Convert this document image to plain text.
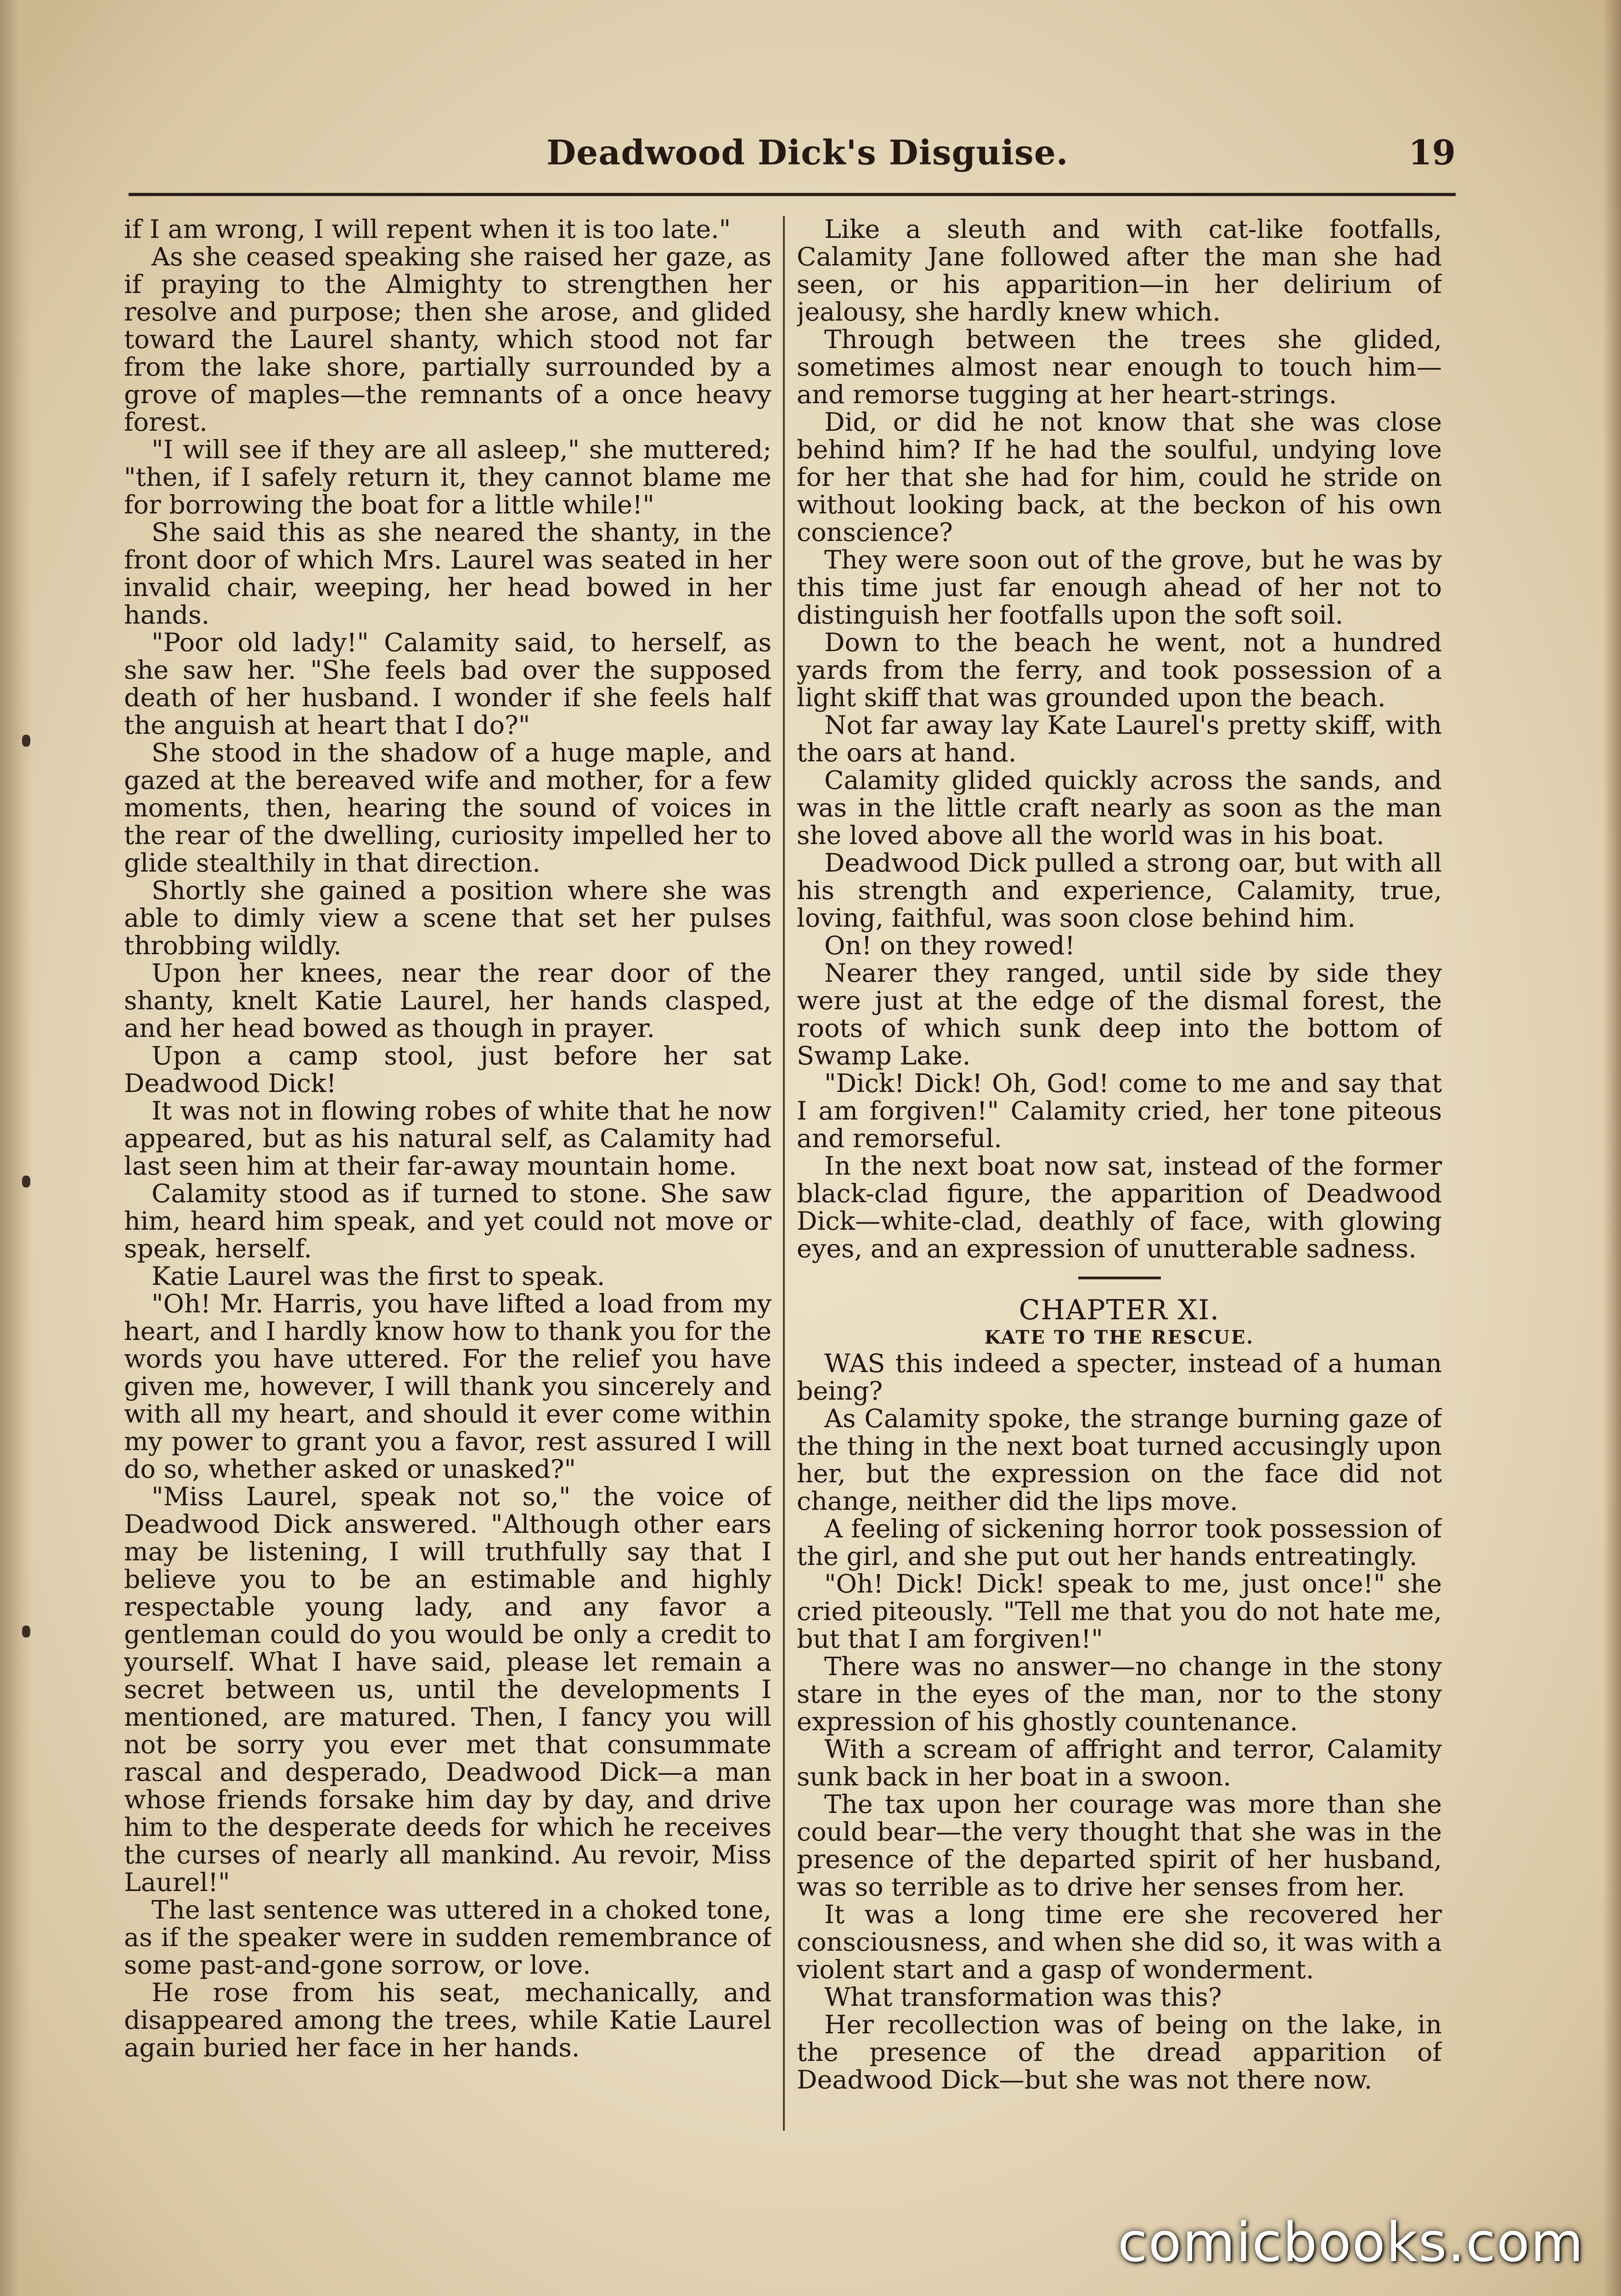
Deadwood Dick's Disguise.	19

if I am wrong, I will repent when it is too late."

As she ceased speaking she raised her gaze, as if praying to the Almighty to strengthen her resolve and purpose; then she arose, and glided toward the Laurel shanty, which stood not far from the lake shore, partially surrounded by a grove of maples—the remnants of a once heavy forest.

"I will see if they are all asleep," she muttered; "then, if I safely return it, they cannot blame me for borrowing the boat for a little while!"

She said this as she neared the shanty, in the front door of which Mrs. Laurel was seated in her invalid chair, weeping, her head bowed in her hands.

"Poor old lady!" Calamity said, to herself, as she saw her. "She feels bad over the supposed death of her husband. I wonder if she feels half the anguish at heart that I do?"

She stood in the shadow of a huge maple, and gazed at the bereaved wife and mother, for a few moments, then, hearing the sound of voices in the rear of the dwelling, curiosity impelled her to glide stealthily in that direction.

Shortly she gained a position where she was able to dimly view a scene that set her pulses throbbing wildly.

Upon her knees, near the rear door of the shanty, knelt Katie Laurel, her hands clasped, and her head bowed as though in prayer.

Upon a camp stool, just before her sat Deadwood Dick!

It was not in flowing robes of white that he now appeared, but as his natural self, as Calamity had last seen him at their far-away mountain home.

Calamity stood as if turned to stone. She saw him, heard him speak, and yet could not move or speak, herself.

Katie Laurel was the first to speak.

"Oh! Mr. Harris, you have lifted a load from my heart, and I hardly know how to thank you for the words you have uttered. For the relief you have given me, however, I will thank you sincerely and with all my heart, and should it ever come within my power to grant you a favor, rest assured I will do so, whether asked or unasked?"

"Miss Laurel, speak not so," the voice of Deadwood Dick answered. "Although other ears may be listening, I will truthfully say that I believe you to be an estimable and highly respectable young lady, and any favor a gentleman could do you would be only a credit to yourself. What I have said, please let remain a secret between us, until the developments I mentioned, are matured. Then, I fancy you will not be sorry you ever met that consummate rascal and desperado, Deadwood Dick—a man whose friends forsake him day by day, and drive him to the desperate deeds for which he receives the curses of nearly all mankind. Au revoir, Miss Laurel!"

The last sentence was uttered in a choked tone, as if the speaker were in sudden remembrance of some past-and-gone sorrow, or love.

He rose from his seat, mechanically, and disappeared among the trees, while Katie Laurel again buried her face in her hands.

Like a sleuth and with cat-like footfalls, Calamity Jane followed after the man she had seen, or his apparition—in her delirium of jealousy, she hardly knew which.

Through between the trees she glided, sometimes almost near enough to touch him—and remorse tugging at her heart-strings.

Did, or did he not know that she was close behind him? If he had the soulful, undying love for her that she had for him, could he stride on without looking back, at the beckon of his own conscience?

They were soon out of the grove, but he was by this time just far enough ahead of her not to distinguish her footfalls upon the soft soil.

Down to the beach he went, not a hundred yards from the ferry, and took possession of a light skiff that was grounded upon the beach.

Not far away lay Kate Laurel's pretty skiff, with the oars at hand.

Calamity glided quickly across the sands, and was in the little craft nearly as soon as the man she loved above all the world was in his boat.

Deadwood Dick pulled a strong oar, but with all his strength and experience, Calamity, true, loving, faithful, was soon close behind him.

On! on they rowed!

Nearer they ranged, until side by side they were just at the edge of the dismal forest, the roots of which sunk deep into the bottom of Swamp Lake.

"Dick! Dick! Oh, God! come to me and say that I am forgiven!" Calamity cried, her tone piteous and remorseful.

In the next boat now sat, instead of the former black-clad figure, the apparition of Deadwood Dick—white-clad, deathly of face, with glowing eyes, and an expression of unutterable sadness.

CHAPTER XI.
KATE TO THE RESCUE.

WAS this indeed a specter, instead of a human being?

As Calamity spoke, the strange burning gaze of the thing in the next boat turned accusingly upon her, but the expression on the face did not change, neither did the lips move.

A feeling of sickening horror took possession of the girl, and she put out her hands entreatingly.

"Oh! Dick! Dick! speak to me, just once!" she cried piteously. "Tell me that you do not hate me, but that I am forgiven!"

There was no answer—no change in the stony stare in the eyes of the man, nor to the stony expression of his ghostly countenance.

With a scream of affright and terror, Calamity sunk back in her boat in a swoon.

The tax upon her courage was more than she could bear—the very thought that she was in the presence of the departed spirit of her husband, was so terrible as to drive her senses from her.

It was a long time ere she recovered her consciousness, and when she did so, it was with a violent start and a gasp of wonderment.

What transformation was this?

Her recollection was of being on the lake, in the presence of the dread apparition of Deadwood Dick—but she was not there now.

comicbooks.com
